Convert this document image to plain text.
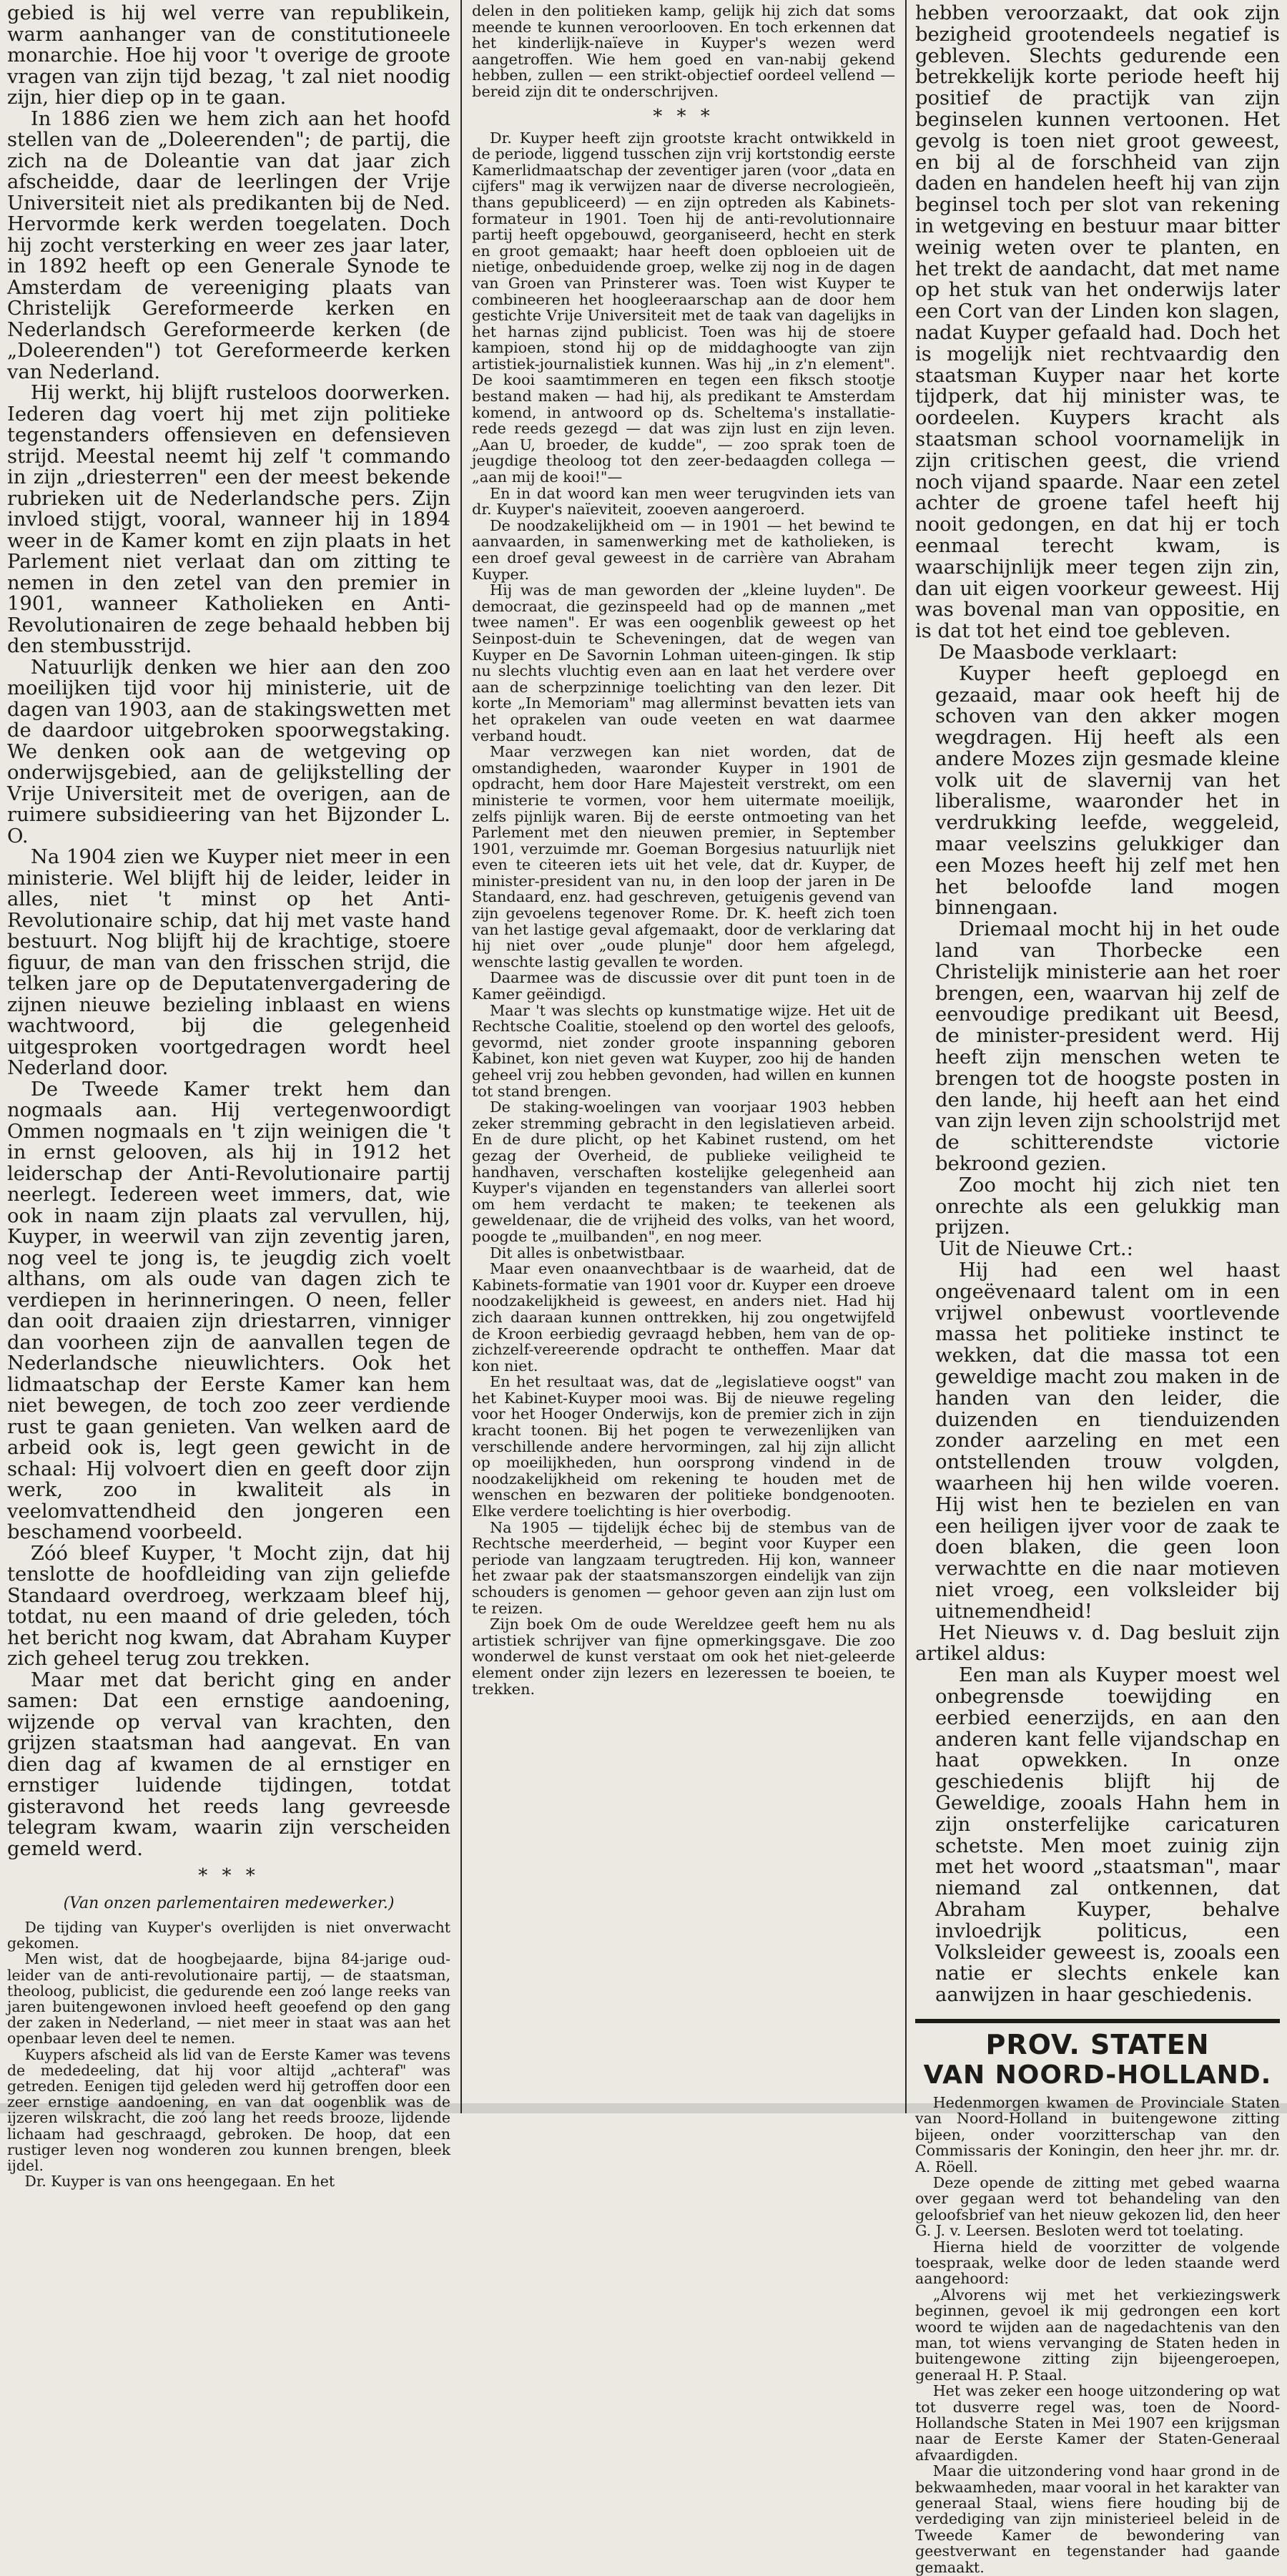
gebied is hij wel verre van republikein, warm aanhanger van de constitutioneele monarchie. Hoe hij voor 't overige de groote vragen van zijn tijd bezag, 't zal niet noodig zijn, hier diep op in te gaan.

In 1886 zien we hem zich aan het hoofd stellen van de „Doleerenden"; de partij, die zich na de Doleantie van dat jaar zich afscheidde, daar de leerlingen der Vrije Universiteit niet als predikanten bij de Ned. Hervormde kerk werden toegelaten. Doch hij zocht versterking en weer zes jaar later, in 1892 heeft op een Generale Synode te Amsterdam de vereeniging plaats van Christelijk Gereformeerde kerken en Nederlandsch Gereformeerde kerken (de „Doleerenden") tot Gereformeerde kerken van Nederland.

Hij werkt, hij blijft rusteloos doorwerken. Iederen dag voert hij met zijn politieke tegenstanders offensieven en defensieven strijd. Meestal neemt hij zelf 't commando in zijn „driesterren" een der meest bekende rubrieken uit de Nederlandsche pers. Zijn invloed stijgt, vooral, wanneer hij in 1894 weer in de Kamer komt en zijn plaats in het Parlement niet verlaat dan om zitting te nemen in den zetel van den premier in 1901, wanneer Katholieken en Anti-Revolutionairen de zege behaald hebben bij den stembusstrijd.

Natuurlijk denken we hier aan den zoo moeilijken tijd voor hij ministerie, uit de dagen van 1903, aan de stakingswetten met de daardoor uitgebroken spoorwegstaking. We denken ook aan de wetgeving op onderwijsgebied, aan de gelijkstelling der Vrije Universiteit met de overigen, aan de ruimere subsidieering van het Bijzonder L. O.

Na 1904 zien we Kuyper niet meer in een ministerie. Wel blijft hij de leider, leider in alles, niet 't minst op het Anti-Revolutionaire schip, dat hij met vaste hand bestuurt. Nog blijft hij de krachtige, stoere figuur, de man van den frisschen strijd, die telken jare op de Deputatenvergadering de zijnen nieuwe bezieling inblaast en wiens wachtwoord, bij die gelegenheid uitgesproken voortgedragen wordt heel Nederland door.

De Tweede Kamer trekt hem dan nogmaals aan. Hij vertegenwoordigt Ommen nogmaals en 't zijn weinigen die 't in ernst gelooven, als hij in 1912 het leiderschap der Anti-Revolutionaire partij neerlegt. Iedereen weet immers, dat, wie ook in naam zijn plaats zal vervullen, hij, Kuyper, in weerwil van zijn zeventig jaren, nog veel te jong is, te jeugdig zich voelt althans, om als oude van dagen zich te verdiepen in herinneringen. O neen, feller dan ooit draaien zijn driestarren, vinniger dan voorheen zijn de aanvallen tegen de Nederlandsche nieuwlichters. Ook het lidmaatschap der Eerste Kamer kan hem niet bewegen, de toch zoo zeer verdiende rust te gaan genieten. Van welken aard de arbeid ook is, legt geen gewicht in de schaal: Hij volvoert dien en geeft door zijn werk, zoo in kwaliteit als in veelomvattendheid den jongeren een beschamend voorbeeld.

Zóó bleef Kuyper, 't Mocht zijn, dat hij tenslotte de hoofdleiding van zijn geliefde Standaard overdroeg, werkzaam bleef hij, totdat, nu een maand of drie geleden, tóch het bericht nog kwam, dat Abraham Kuyper zich geheel terug zou trekken.

Maar met dat bericht ging en ander samen: Dat een ernstige aandoening, wijzende op verval van krachten, den grijzen staatsman had aangevat. En van dien dag af kwamen de al ernstiger en ernstiger luidende tijdingen, totdat gisteravond het reeds lang gevreesde telegram kwam, waarin zijn verscheiden gemeld werd.

* * *
(Van onzen parlementairen medewerker.)

De tijding van Kuyper's overlijden is niet onverwacht gekomen.

Men wist, dat de hoogbejaarde, bijna 84-jarige oud-leider van de anti-revolutionaire partij, — de staatsman, theoloog, publicist, die gedurende een zoó lange reeks van jaren buitengewonen invloed heeft geoefend op den gang der zaken in Nederland, — niet meer in staat was aan het openbaar leven deel te nemen.

Kuypers afscheid als lid van de Eerste Kamer was tevens de mededeeling, dat hij voor altijd „achteraf" was getreden. Eenigen tijd geleden werd hij getroffen door een zeer ernstige aandoening, en van dat oogenblik was de ijzeren wilskracht, die zoó lang het reeds brooze, lijdende lichaam had geschraagd, gebroken. De hoop, dat een rustiger leven nog wonderen zou kunnen brengen, bleek ijdel.

Dr. Kuyper is van ons heengegaan. En het

delen in den politieken kamp, gelijk hij zich dat soms meende te kunnen veroorlooven. En toch erkennen dat het kinderlijk-naïeve in Kuyper's wezen werd aangetroffen. Wie hem goed en van-nabij gekend hebben, zullen — een strikt-objectief oordeel vellend — bereid zijn dit te onderschrijven.

* * *

Dr. Kuyper heeft zijn grootste kracht ontwikkeld in de periode, liggend tusschen zijn vrij kortstondig eerste Kamerlidmaatschap der zeventiger jaren (voor „data en cijfers" mag ik verwijzen naar de diverse necrologieën, thans gepubliceerd) — en zijn optreden als Kabinets-formateur in 1901. Toen hij de anti-revolutionnaire partij heeft opgebouwd, georganiseerd, hecht en sterk en groot gemaakt; haar heeft doen opbloeien uit de nietige, onbeduidende groep, welke zij nog in de dagen van Groen van Prinsterer was. Toen wist Kuyper te combineeren het hoogleeraarschap aan de door hem gestichte Vrije Universiteit met de taak van dagelijks in het harnas zijnd publicist. Toen was hij de stoere kampioen, stond hij op de middaghoogte van zijn artistiek-journalistiek kunnen. Was hij „in z'n element". De kooi saamtimmeren en tegen een fiksch stootje bestand maken — had hij, als predikant te Amsterdam komend, in antwoord op ds. Scheltema's installatie-rede reeds gezegd — dat was zijn lust en zijn leven. „Aan U, broeder, de kudde", — zoo sprak toen de jeugdige theoloog tot den zeer-bedaagden collega — „aan mij de kooi!"—

En in dat woord kan men weer terugvinden iets van dr. Kuyper's naïeviteit, zooeven aangeroerd.

De noodzakelijkheid om — in 1901 — het bewind te aanvaarden, in samenwerking met de katholieken, is een droef geval geweest in de carrière van Abraham Kuyper.

Hij was de man geworden der „kleine luyden". De democraat, die gezinspeeld had op de mannen „met twee namen". Er was een oogenblik geweest op het Seinpost-duin te Scheveningen, dat de wegen van Kuyper en De Savornin Lohman uiteen-gingen. Ik stip nu slechts vluchtig even aan en laat het verdere over aan de scherpzinnige toelichting van den lezer. Dit korte „In Memoriam" mag allerminst bevatten iets van het oprakelen van oude veeten en wat daarmee verband houdt.

Maar verzwegen kan niet worden, dat de omstandigheden, waaronder Kuyper in 1901 de opdracht, hem door Hare Majesteit verstrekt, om een ministerie te vormen, voor hem uitermate moeilijk, zelfs pijnlijk waren. Bij de eerste ontmoeting van het Parlement met den nieuwen premier, in September 1901, verzuimde mr. Goeman Borgesius natuurlijk niet even te citeeren iets uit het vele, dat dr. Kuyper, de minister-president van nu, in den loop der jaren in De Standaard, enz. had geschreven, getuigenis gevend van zijn gevoelens tegenover Rome. Dr. K. heeft zich toen van het lastige geval afgemaakt, door de verklaring dat hij niet over „oude plunje" door hem afgelegd, wenschte lastig gevallen te worden.

Daarmee was de discussie over dit punt toen in de Kamer geëindigd.

Maar 't was slechts op kunstmatige wijze. Het uit de Rechtsche Coalitie, stoelend op den wortel des geloofs, gevormd, niet zonder groote inspanning geboren Kabinet, kon niet geven wat Kuyper, zoo hij de handen geheel vrij zou hebben gevonden, had willen en kunnen tot stand brengen.

De staking-woelingen van voorjaar 1903 hebben zeker stremming gebracht in den legislatieven arbeid. En de dure plicht, op het Kabinet rustend, om het gezag der Overheid, de publieke veiligheid te handhaven, verschaften kostelijke gelegenheid aan Kuyper's vijanden en tegenstanders van allerlei soort om hem verdacht te maken; te teekenen als geweldenaar, die de vrijheid des volks, van het woord, poogde te „muilbanden", en nog meer.

Dit alles is onbetwistbaar.

Maar even onaanvechtbaar is de waarheid, dat de Kabinets-formatie van 1901 voor dr. Kuyper een droeve noodzakelijkheid is geweest, en anders niet. Had hij zich daaraan kunnen onttrekken, hij zou ongetwijfeld de Kroon eerbiedig gevraagd hebben, hem van de op-zichzelf-vereerende opdracht te ontheffen. Maar dat kon niet.

En het resultaat was, dat de „legislatieve oogst" van het Kabinet-Kuyper mooi was. Bij de nieuwe regeling voor het Hooger Onderwijs, kon de premier zich in zijn kracht toonen. Bij het pogen te verwezenlijken van verschillende andere hervormingen, zal hij zijn allicht op moeilijkheden, hun oorsprong vindend in de noodzakelijkheid om rekening te houden met de wenschen en bezwaren der politieke bondgenooten. Elke verdere toelichting is hier overbodig.

Na 1905 — tijdelijk échec bij de stembus van de Rechtsche meerderheid, — begint voor Kuyper een periode van langzaam terugtreden. Hij kon, wanneer het zwaar pak der staatsmanszorgen eindelijk van zijn schouders is genomen — gehoor geven aan zijn lust om te reizen.

Zijn boek Om de oude Wereldzee geeft hem nu als artistiek schrijver van fijne opmerkingsgave. Die zoo wonderwel de kunst verstaat om ook het niet-geleerde element onder zijn lezers en lezeressen te boeien, te trekken.

hebben veroorzaakt, dat ook zijn bezigheid grootendeels negatief is gebleven. Slechts gedurende een betrekkelijk korte periode heeft hij positief de practijk van zijn beginselen kunnen vertoonen. Het gevolg is toen niet groot geweest, en bij al de forschheid van zijn daden en handelen heeft hij van zijn beginsel toch per slot van rekening in wetgeving en bestuur maar bitter weinig weten over te planten, en het trekt de aandacht, dat met name op het stuk van het onderwijs later een Cort van der Linden kon slagen, nadat Kuyper gefaald had. Doch het is mogelijk niet rechtvaardig den staatsman Kuyper naar het korte tijdperk, dat hij minister was, te oordeelen. Kuypers kracht als staatsman school voornamelijk in zijn critischen geest, die vriend noch vijand spaarde. Naar een zetel achter de groene tafel heeft hij nooit gedongen, en dat hij er toch eenmaal terecht kwam, is waarschijnlijk meer tegen zijn zin, dan uit eigen voorkeur geweest. Hij was bovenal man van oppositie, en is dat tot het eind toe gebleven.

De Maasbode verklaart:

Kuyper heeft geploegd en gezaaid, maar ook heeft hij de schoven van den akker mogen wegdragen. Hij heeft als een andere Mozes zijn gesmade kleine volk uit de slavernij van het liberalisme, waaronder het in verdrukking leefde, weggeleid, maar veelszins gelukkiger dan een Mozes heeft hij zelf met hen het beloofde land mogen binnengaan.

Driemaal mocht hij in het oude land van Thorbecke een Christelijk ministerie aan het roer brengen, een, waarvan hij zelf de eenvoudige predikant uit Beesd, de minister-president werd. Hij heeft zijn menschen weten te brengen tot de hoogste posten in den lande, hij heeft aan het eind van zijn leven zijn schoolstrijd met de schitterendste victorie bekroond gezien.

Zoo mocht hij zich niet ten onrechte als een gelukkig man prijzen.

Uit de Nieuwe Crt.:

Hij had een wel haast ongeëvenaard talent om in een vrijwel onbewust voortlevende massa het politieke instinct te wekken, dat die massa tot een geweldige macht zou maken in de handen van den leider, die duizenden en tienduizenden zonder aarzeling en met een ontstellenden trouw volgden, waarheen hij hen wilde voeren. Hij wist hen te bezielen en van een heiligen ijver voor de zaak te doen blaken, die geen loon verwachtte en die naar motieven niet vroeg, een volksleider bij uitnemendheid!

Het Nieuws v. d. Dag besluit zijn artikel aldus:

Een man als Kuyper moest wel onbegrensde toewijding en eerbied eenerzijds, en aan den anderen kant felle vijandschap en haat opwekken. In onze geschiedenis blijft hij de Geweldige, zooals Hahn hem in zijn onsterfelijke caricaturen schetste. Men moet zuinig zijn met het woord „staatsman", maar niemand zal ontkennen, dat Abraham Kuyper, behalve invloedrijk politicus, een Volksleider geweest is, zooals een natie er slechts enkele kan aanwijzen in haar geschiedenis.

PROV. STATEN
VAN NOORD-HOLLAND.

Hedenmorgen kwamen de Provinciale Staten van Noord-Holland in buitengewone zitting bijeen, onder voorzitterschap van den Commissaris der Koningin, den heer jhr. mr. dr. A. Röell.

Deze opende de zitting met gebed waarna over gegaan werd tot behandeling van den geloofsbrief van het nieuw gekozen lid, den heer G. J. v. Leersen. Besloten werd tot toelating.

Hierna hield de voorzitter de volgende toespraak, welke door de leden staande werd aangehoord:

„Alvorens wij met het verkiezingswerk beginnen, gevoel ik mij gedrongen een kort woord te wijden aan de nagedachtenis van den man, tot wiens vervanging de Staten heden in buitengewone zitting zijn bijeengeroepen, generaal H. P. Staal.

Het was zeker een hooge uitzondering op wat tot dusverre regel was, toen de Noord-Hollandsche Staten in Mei 1907 een krijgsman naar de Eerste Kamer der Staten-Generaal afvaardigden.

Maar die uitzondering vond haar grond in de bekwaamheden, maar vooral in het karakter van generaal Staal, wiens fiere houding bij de verdediging van zijn ministerieel beleid in de Tweede Kamer de bewondering van geestverwant en tegenstander had gaande gemaakt.
